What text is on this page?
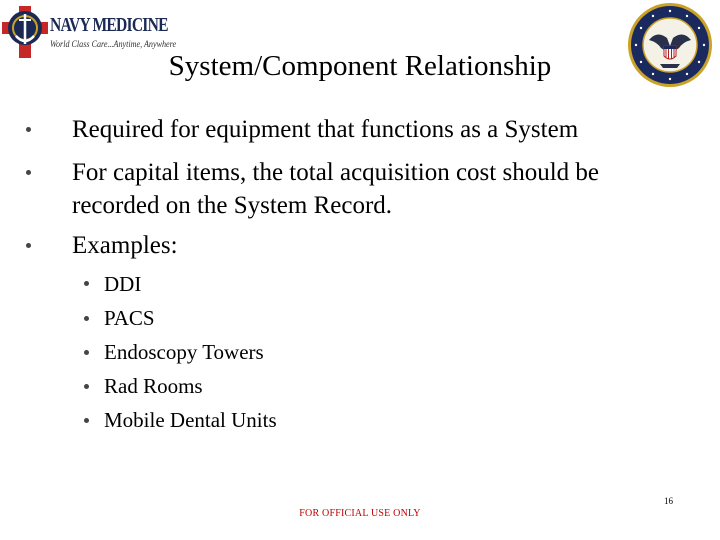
NAVY MEDICINE
World Class Care...Anytime, Anywhere
System/Component Relationship
Required for equipment that functions as a System
For capital items, the total acquisition cost should be
recorded on the System Record.
Examples:
DDI
PACS
Endoscopy Towers
Rad Rooms
Mobile Dental Units
FOR OFFICIAL USE ONLY
16
